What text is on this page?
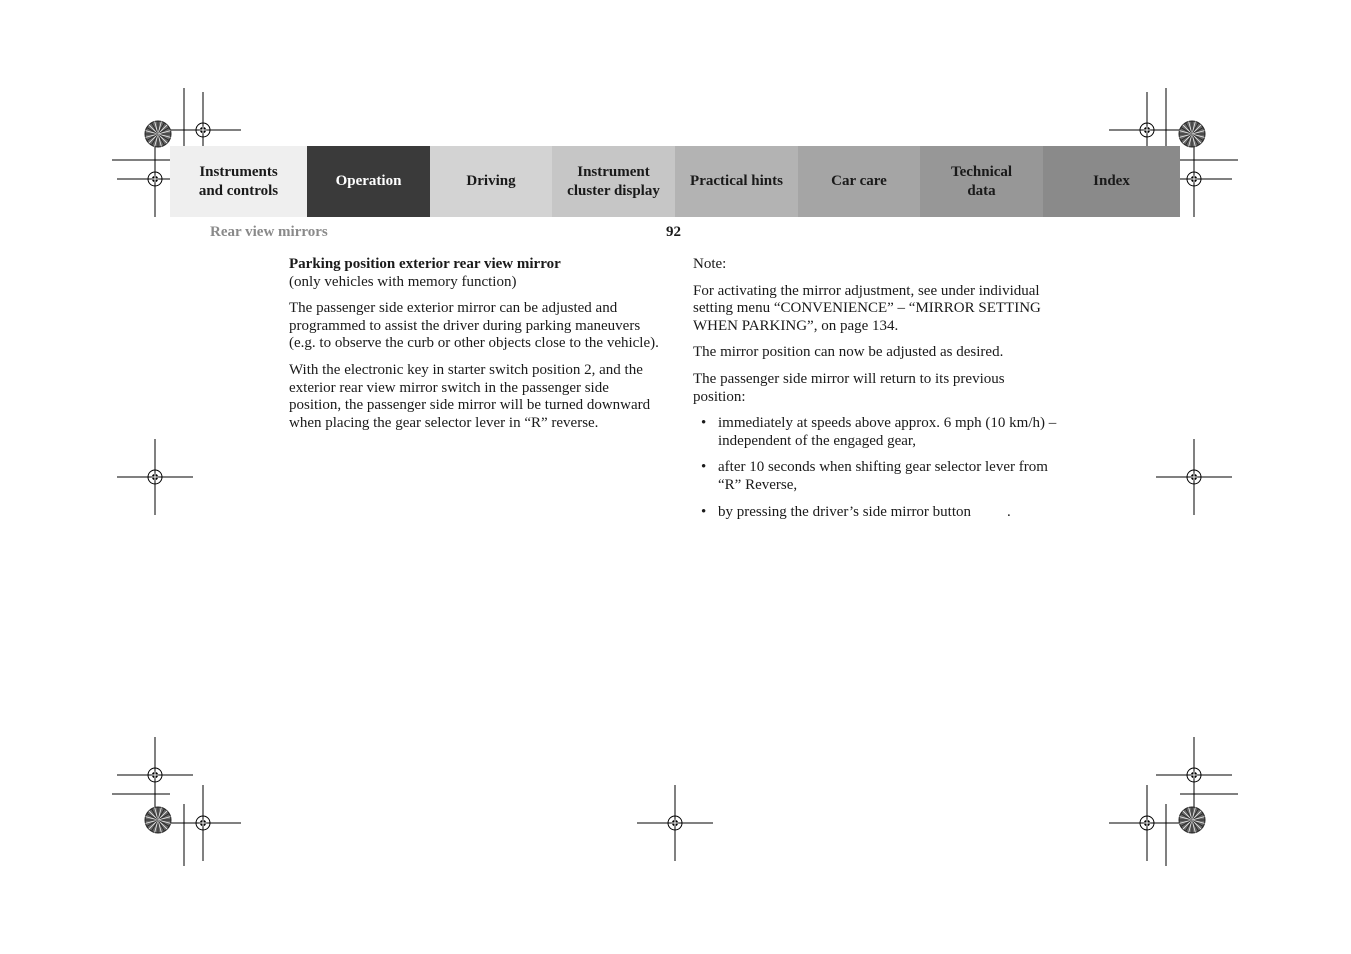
Instruments
and controls
Operation	Driving
Instrument
cluster display
Practical hints	Car care
Technical
data
Index
Rear view mirrors	92
Parking position exterior rear view mirror

(only vehicles with memory function)

The passenger side exterior mirror can be adjusted and programmed to assist the driver during parking maneuvers (e.g. to observe the curb or other objects close to the vehicle).

With the electronic key in starter switch position 2, and the exterior rear view mirror switch in the passenger side position, the passenger side mirror will be turned downward when placing the gear selector lever in “R” reverse.

Note:

For activating the mirror adjustment, see under individual setting menu “CONVENIENCE” – “MIRROR SETTING WHEN PARKING”, on page 134.

The mirror position can now be adjusted as desired.

The passenger side mirror will return to its previous position:

• immediately at speeds above approx. 6 mph (10 km/h) – independent of the engaged gear,
• after 10 seconds when shifting gear selector lever from “R” Reverse,
• by pressing the driver’s side mirror button .
